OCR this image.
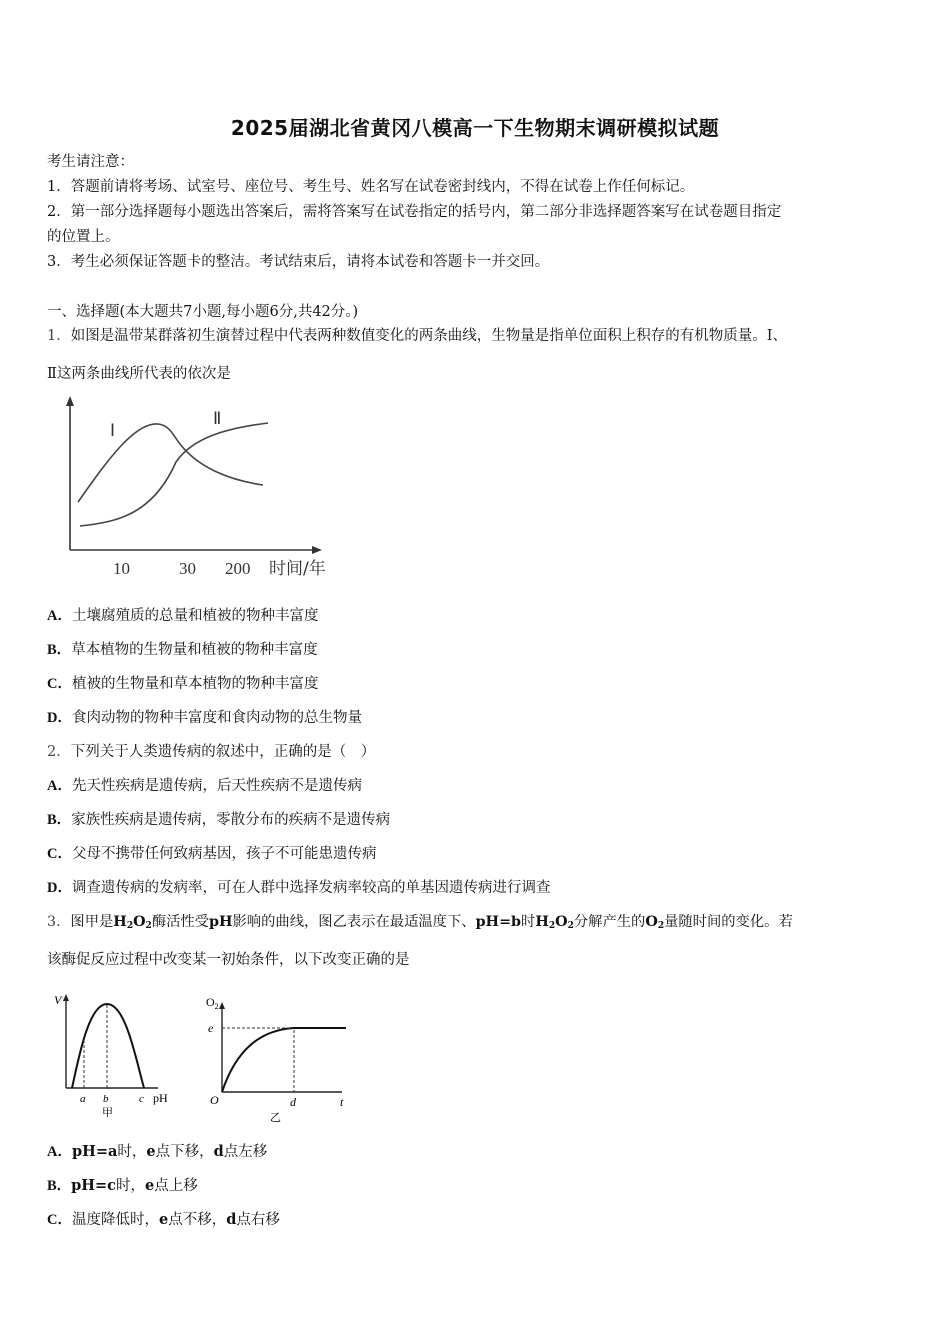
2025届湖北省黄冈八模高一下生物期末调研模拟试题
考生请注意：
1．答题前请将考场、试室号、座位号、考生号、姓名写在试卷密封线内，不得在试卷上作任何标记。
2．第一部分选择题每小题选出答案后，需将答案写在试卷指定的括号内，第二部分非选择题答案写在试卷题目指定
的位置上。
3．考生必须保证答题卡的整洁。考试结束后，请将本试卷和答题卡一并交回。
一、选择题(本大题共7小题,每小题6分,共42分。)
1．如图是温带某群落初生演替过程中代表两种数值变化的两条曲线，生物量是指单位面积上积存的有机物质量。Ⅰ、
Ⅱ这两条曲线所代表的依次是
Ⅰ
Ⅱ
10	30 200 时间/年
A．土壤腐殖质的总量和植被的物种丰富度
B．草本植物的生物量和植被的物种丰富度
C．植被的生物量和草本植物的物种丰富度
D．食肉动物的物种丰富度和食肉动物的总生物量
2．下列关于人类遗传病的叙述中，正确的是（　）
A．先天性疾病是遗传病，后天性疾病不是遗传病
B．家族性疾病是遗传病，零散分布的疾病不是遗传病
C．父母不携带任何致病基因，孩子不可能患遗传病
D．调查遗传病的发病率，可在人群中选择发病率较高的单基因遗传病进行调查
3．图甲是$H_2O_2$酶活性受pH影响的曲线，图乙表示在最适温度下、pH=b时$H_2O_2$分解产生的$O_2$量随时间的变化。若
该酶促反应过程中改变某一初始条件，以下改变正确的是
V
a b	c pH
甲
$O_2$
e
O	d	t
乙
A．pH=a时，e点下移，d点左移
B．pH=c时，e点上移
C．温度降低时，e点不移，d点右移
